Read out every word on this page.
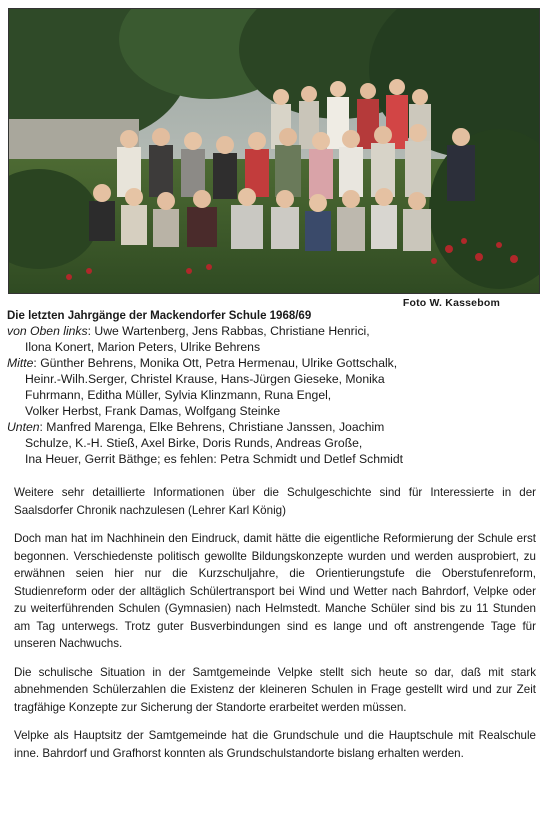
Foto W. Kassebom
Die letzten Jahrgänge der Mackendorfer Schule 1968/69
von Oben links: Uwe Wartenberg, Jens Rabbas, Christiane Henrici,
Ilona Konert, Marion Peters, Ulrike Behrens
Mitte: Günther Behrens, Monika Ott, Petra Hermenau, Ulrike Gottschalk,
Heinr.-Wilh.Serger, Christel Krause, Hans-Jürgen Gieseke, Monika
Fuhrmann, Editha Müller, Sylvia Klinzmann, Runa Engel,
Volker Herbst, Frank Damas, Wolfgang Steinke
Unten: Manfred Marenga, Elke Behrens, Christiane Janssen, Joachim
Schulze, K.-H. Stieß, Axel Birke, Doris Runds, Andreas Große,
Ina Heuer, Gerrit Bäthge; es fehlen: Petra Schmidt und Detlef Schmidt

Weitere sehr detaillierte Informationen über die Schulgeschichte sind für Interessierte in der Saalsdorfer Chronik nachzulesen (Lehrer Karl König)

Doch man hat im Nachhinein den Eindruck, damit hätte die eigentliche Reformierung der Schule erst begonnen. Verschiedenste politisch gewollte Bildungskonzepte wurden und werden ausprobiert, zu erwähnen seien hier nur die Kurzschuljahre, die Orientierungstufe die Oberstufenreform, Studienreform oder der alltäglich Schülertransport bei Wind und Wetter nach Bahrdorf, Velpke oder zu weiterführenden Schulen (Gymnasien) nach Helmstedt. Manche Schüler sind bis zu 11 Stunden am Tag unterwegs. Trotz guter Busverbindungen sind es lange und oft anstrengende Tage für unseren Nachwuchs.

Die schulische Situation in der Samtgemeinde Velpke stellt sich heute so dar, daß mit stark abnehmenden Schülerzahlen die Existenz der kleineren Schulen in Frage gestellt wird und zur Zeit tragfähige Konzepte zur Sicherung der Standorte erarbeitet werden müssen.

Velpke als Hauptsitz der Samtgemeinde hat die Grundschule und die Hauptschule mit Realschule inne. Bahrdorf und Grafhorst konnten als Grundschulstandorte bislang erhalten werden.
